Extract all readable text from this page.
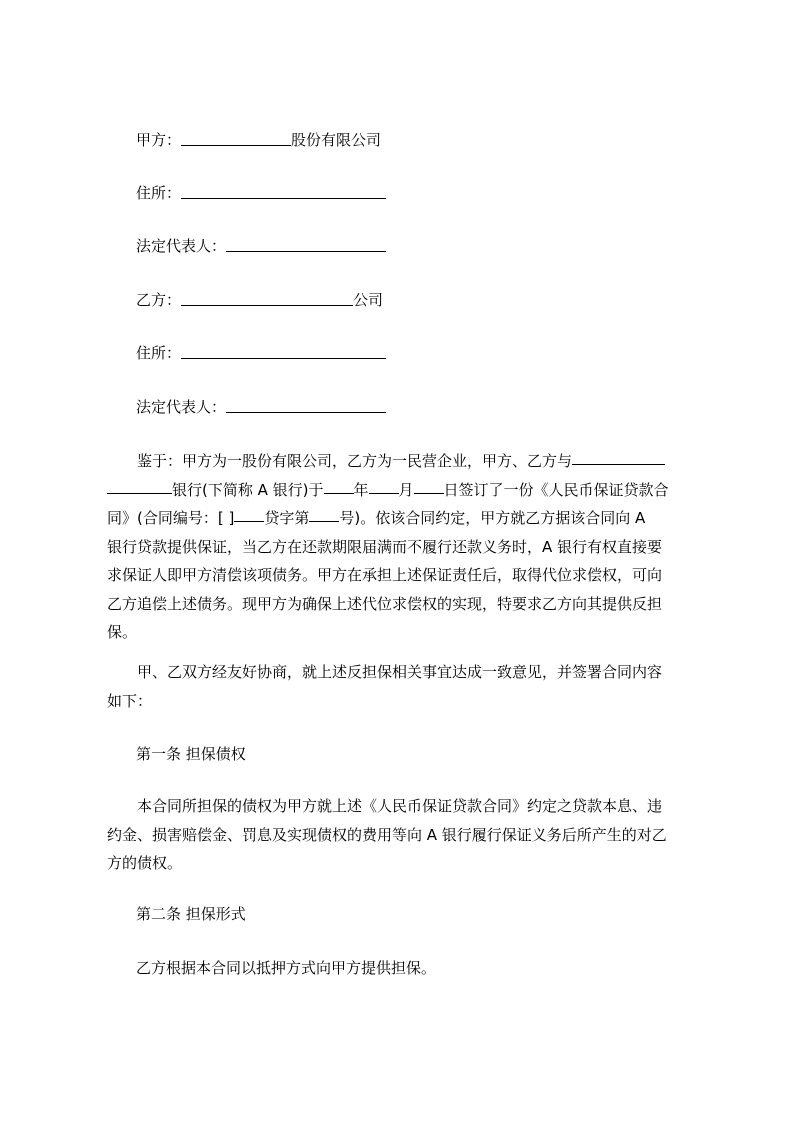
甲方：	股份有限公司
住所：
法定代表人：
乙方：	公司
住所：
法定代表人：
鉴于：甲方为一股份有限公司，乙方为一民营企业，甲方、乙方与
银行(下简称 A 银行)于 年 月 日签订了一份《人民币保证贷款合
同》(合同编号：[ ] 贷字第 号)。依该合同约定，甲方就乙方据该合同向 A
银行贷款提供保证，当乙方在还款期限届满而不履行还款义务时，A 银行有权直接要
求保证人即甲方清偿该项债务。甲方在承担上述保证责任后，取得代位求偿权，可向
乙方追偿上述债务。现甲方为确保上述代位求偿权的实现，特要求乙方向其提供反担
保。
甲、乙双方经友好协商，就上述反担保相关事宜达成一致意见，并签署合同内容
如下：
第一条 担保债权
本合同所担保的债权为甲方就上述《人民币保证贷款合同》约定之贷款本息、违
约金、损害赔偿金、罚息及实现债权的费用等向 A 银行履行保证义务后所产生的对乙
方的债权。
第二条 担保形式
乙方根据本合同以抵押方式向甲方提供担保。
